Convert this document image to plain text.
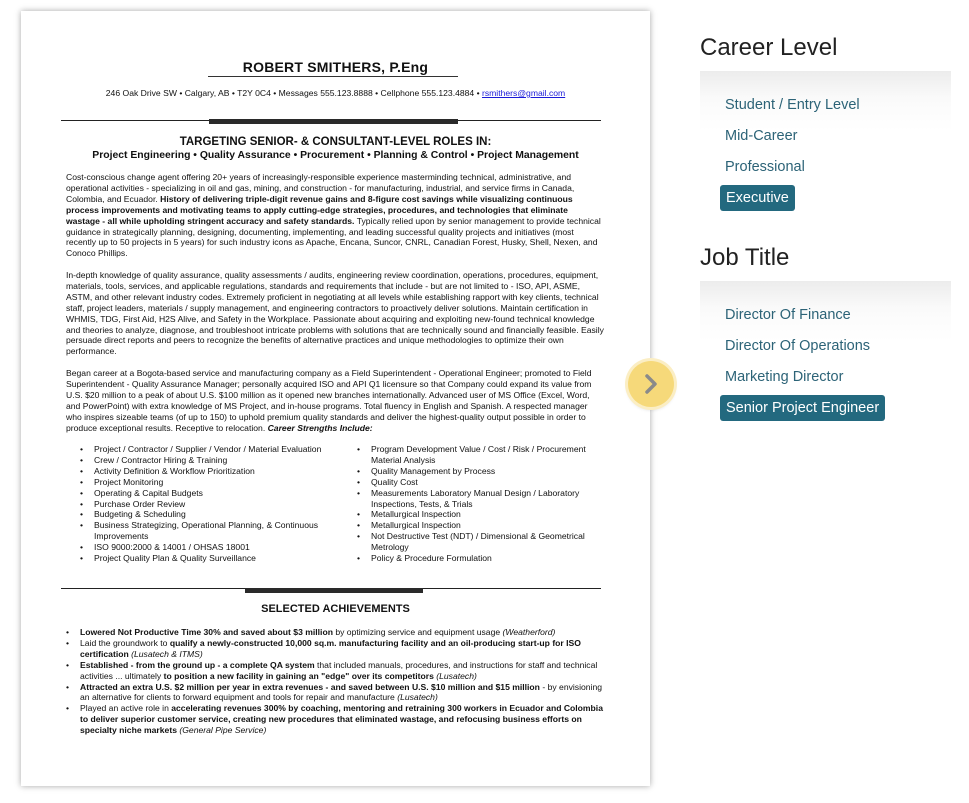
ROBERT SMITHERS, P.Eng
246 Oak Drive SW • Calgary, AB • T2Y 0C4 • Messages 555.123.8888 • Cellphone 555.123.4884 • rsmithers@gmail.com
TARGETING SENIOR- & CONSULTANT-LEVEL ROLES IN:
Project Engineering • Quality Assurance • Procurement • Planning & Control • Project Management

Cost-conscious change agent offering 20+ years of increasingly-responsible experience masterminding technical, administrative, and operational activities - specializing in oil and gas, mining, and construction - for manufacturing, industrial, and service firms in Canada, Colombia, and Ecuador. History of delivering triple-digit revenue gains and 8-figure cost savings while visualizing continuous process improvements and motivating teams to apply cutting-edge strategies, procedures, and technologies that eliminate wastage - all while upholding stringent accuracy and safety standards. Typically relied upon by senior management to provide technical guidance in strategically planning, designing, documenting, implementing, and leading successful quality projects and initiatives (most recently up to 50 projects in 5 years) for such industry icons as Apache, Encana, Suncor, CNRL, Canadian Forest, Husky, Shell, Nexen, and Conoco Phillips.

In-depth knowledge of quality assurance, quality assessments / audits, engineering review coordination, operations, procedures, equipment, materials, tools, services, and applicable regulations, standards and requirements that include - but are not limited to - ISO, API, ASME, ASTM, and other relevant industry codes. Extremely proficient in negotiating at all levels while establishing rapport with key clients, technical staff, project leaders, materials / supply management, and engineering contractors to proactively deliver solutions. Maintain certification in WHMIS, TDG, First Aid, H2S Alive, and Safety in the Workplace. Passionate about acquiring and exploiting new-found technical knowledge and theories to analyze, diagnose, and troubleshoot intricate problems with solutions that are technically sound and financially feasible. Easily persuade direct reports and peers to recognize the benefits of alternative practices and unique methodologies to optimize their own performance.

Began career at a Bogota-based service and manufacturing company as a Field Superintendent - Operational Engineer; promoted to Field Superintendent - Quality Assurance Manager; personally acquired ISO and API Q1 licensure so that Company could expand its value from U.S. $20 million to a peak of about U.S. $100 million as it opened new branches internationally. Advanced user of MS Office (Excel, Word, and PowerPoint) with extra knowledge of MS Project, and in-house programs. Total fluency in English and Spanish. A respected manager who inspires sizeable teams (of up to 150) to uphold premium quality standards and deliver the highest-quality output possible in order to produce exceptional results. Receptive to relocation. Career Strengths Include:

• Project / Contractor / Supplier / Vendor / Material Evaluation
• Crew / Contractor Hiring & Training
• Activity Definition & Workflow Prioritization
• Project Monitoring
• Operating & Capital Budgets
• Purchase Order Review
• Budgeting & Scheduling
• Business Strategizing, Operational Planning, & Continuous Improvements
• ISO 9000:2000 & 14001 / OHSAS 18001
• Project Quality Plan & Quality Surveillance
• Program Development Value / Cost / Risk / Procurement Material Analysis
• Quality Management by Process
• Quality Cost
• Measurements Laboratory Manual Design / Laboratory Inspections, Tests, & Trials
• Metallurgical Inspection
• Metallurgical Inspection
• Not Destructive Test (NDT) / Dimensional & Geometrical Metrology
• Policy & Procedure Formulation
SELECTED ACHIEVEMENTS
• Lowered Not Productive Time 30% and saved about $3 million by optimizing service and equipment usage (Weatherford)
• Laid the groundwork to qualify a newly-constructed 10,000 sq.m. manufacturing facility and an oil-producing start-up for ISO certification (Lusatech & ITMS)
• Established - from the ground up - a complete QA system that included manuals, procedures, and instructions for staff and technical activities ... ultimately to position a new facility in gaining an "edge" over its competitors (Lusatech)
• Attracted an extra U.S. $2 million per year in extra revenues - and saved between U.S. $10 million and $15 million - by envisioning an alternative for clients to forward equipment and tools for repair and manufacture (Lusatech)
• Played an active role in accelerating revenues 300% by coaching, mentoring and retraining 300 workers in Ecuador and Colombia to deliver superior customer service, creating new procedures that eliminated wastage, and refocusing business efforts on specialty niche markets (General Pipe Service)
Career Level
Student / Entry Level
Mid-Career
Professional
Executive
Job Title
Director Of Finance
Director Of Operations
Marketing Director
Senior Project Engineer
